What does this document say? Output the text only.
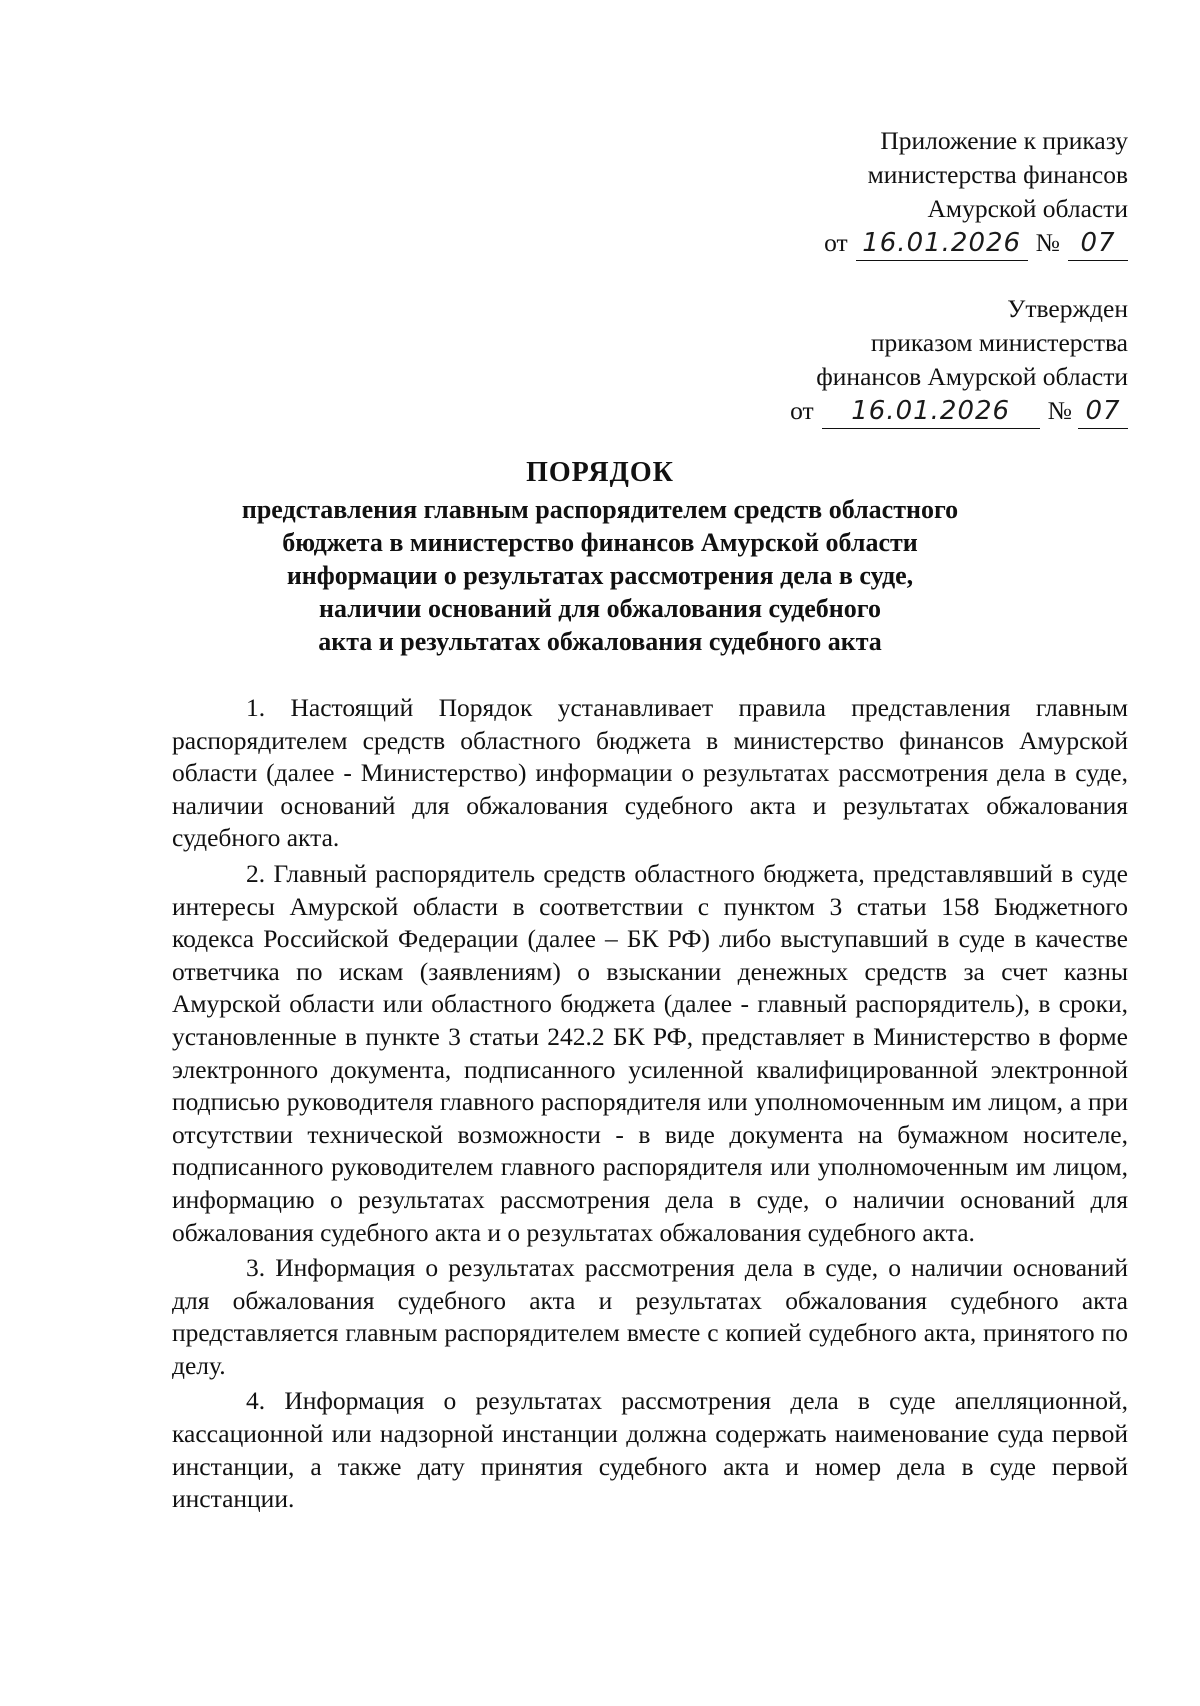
Приложение к приказу
министерства финансов
Амурской области
от 16.01.2026 № 07
Утвержден
приказом министерства
финансов Амурской области
от 16.01.2026 № 07
ПОРЯДОК
представления главным распорядителем средств областного
бюджета в министерство финансов Амурской области
информации о результатах рассмотрения дела в суде,
наличии оснований для обжалования судебного
акта и результатах обжалования судебного акта

1. Настоящий Порядок устанавливает правила представления главным распорядителем средств областного бюджета в министерство финансов Амурской области (далее - Министерство) информации о результатах рассмотрения дела в суде, наличии оснований для обжалования судебного акта и результатах обжалования судебного акта.

2. Главный распорядитель средств областного бюджета, представлявший в суде интересы Амурской области в соответствии с пунктом 3 статьи 158 Бюджетного кодекса Российской Федерации (далее – БК РФ) либо выступавший в суде в качестве ответчика по искам (заявлениям) о взыскании денежных средств за счет казны Амурской области или областного бюджета (далее - главный распорядитель), в сроки, установленные в пункте 3 статьи 242.2 БК РФ, представляет в Министерство в форме электронного документа, подписанного усиленной квалифицированной электронной подписью руководителя главного распорядителя или уполномоченным им лицом, а при отсутствии технической возможности - в виде документа на бумажном носителе, подписанного руководителем главного распорядителя или уполномоченным им лицом, информацию о результатах рассмотрения дела в суде, о наличии оснований для обжалования судебного акта и о результатах обжалования судебного акта.

3. Информация о результатах рассмотрения дела в суде, о наличии оснований для обжалования судебного акта и результатах обжалования судебного акта представляется главным распорядителем вместе с копией судебного акта, принятого по делу.

4. Информация о результатах рассмотрения дела в суде апелляционной, кассационной или надзорной инстанции должна содержать наименование суда первой инстанции, а также дату принятия судебного акта и номер дела в суде первой инстанции.
